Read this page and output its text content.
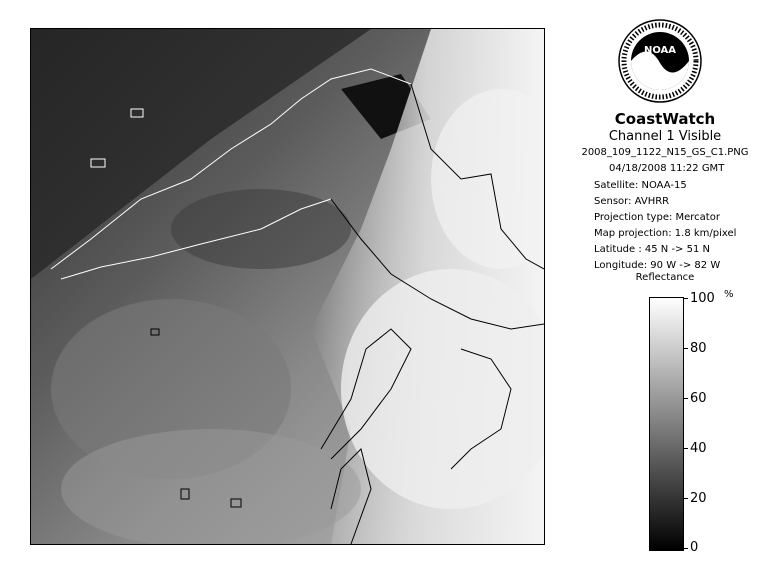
NOAA
CoastWatch
Channel 1 Visible
2008_109_1122_N15_GS_C1.PNG
04/18/2008 11:22 GMT
Satellite: NOAA-15
Sensor: AVHRR
Projection type: Mercator
Map projection: 1.8 km/pixel
Latitude : 45 N -> 51 N
Longitude: 90 W -> 82 W
Reflectance
%
100
80
60
40
20
0
